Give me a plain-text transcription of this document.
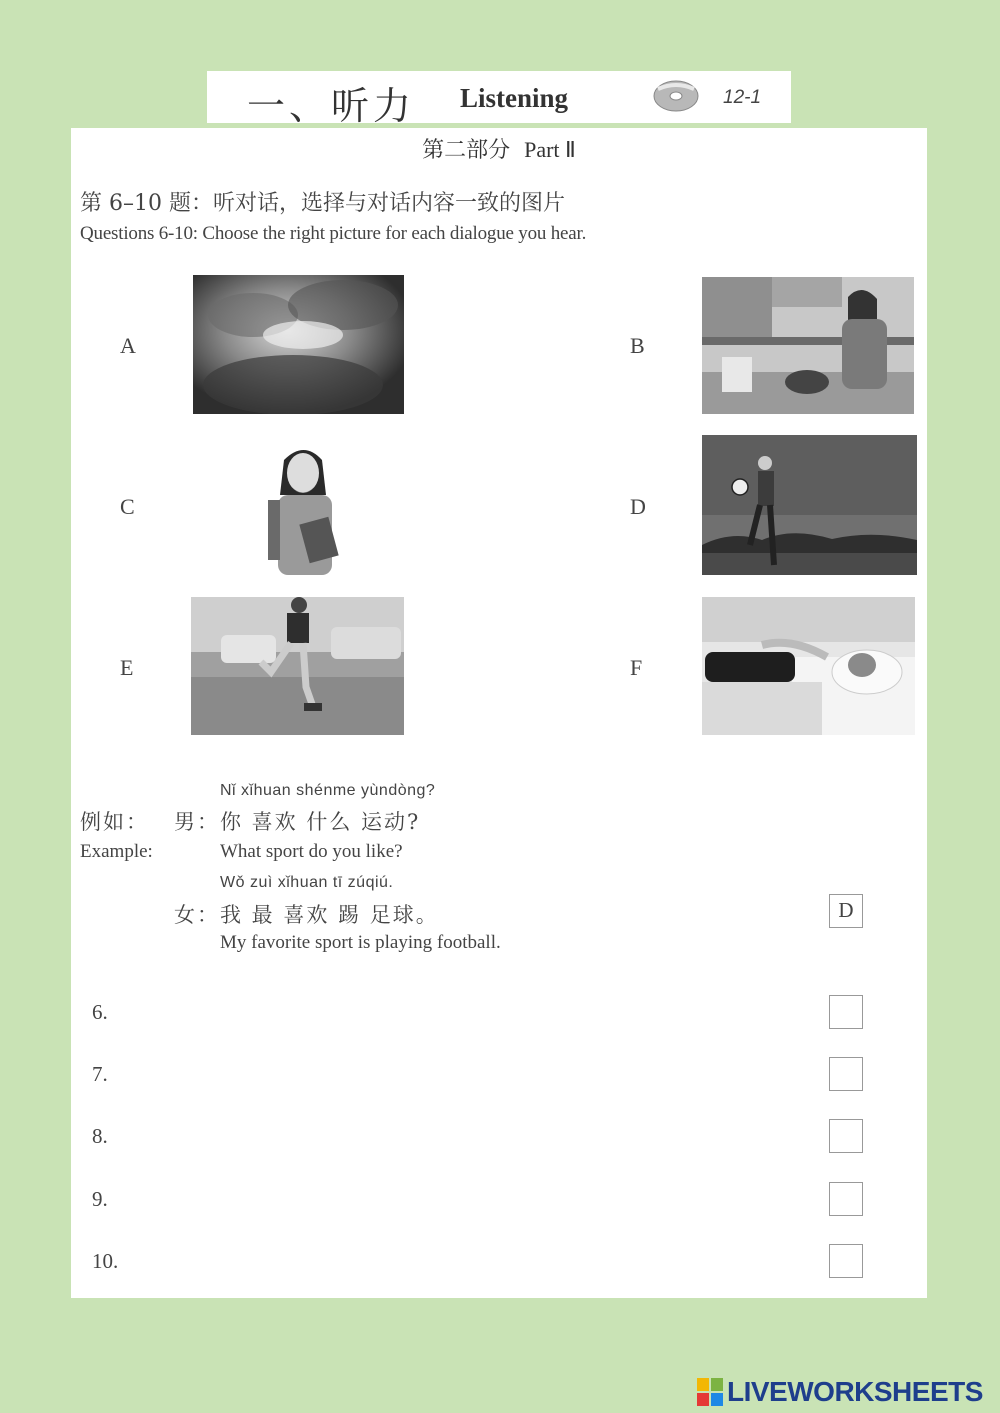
一、听力 Listening	12-1
第二部分 Part Ⅱ
第 6–10 题：听对话，选择与对话内容一致的图片
Questions 6-10: Choose the right picture for each dialogue you hear.
A	B
C	D
E	F
Nǐ xǐhuan shénme yùndòng?
例如： 男： 你 喜欢 什么 运动?
Example:	What sport do you like?
Wǒ zuì xǐhuan tī zúqiú.
女： 我 最 喜欢 踢 足球。
My favorite sport is playing football.
D
6.
7.
8.
9.
10.
LIVEWORKSHEETS
